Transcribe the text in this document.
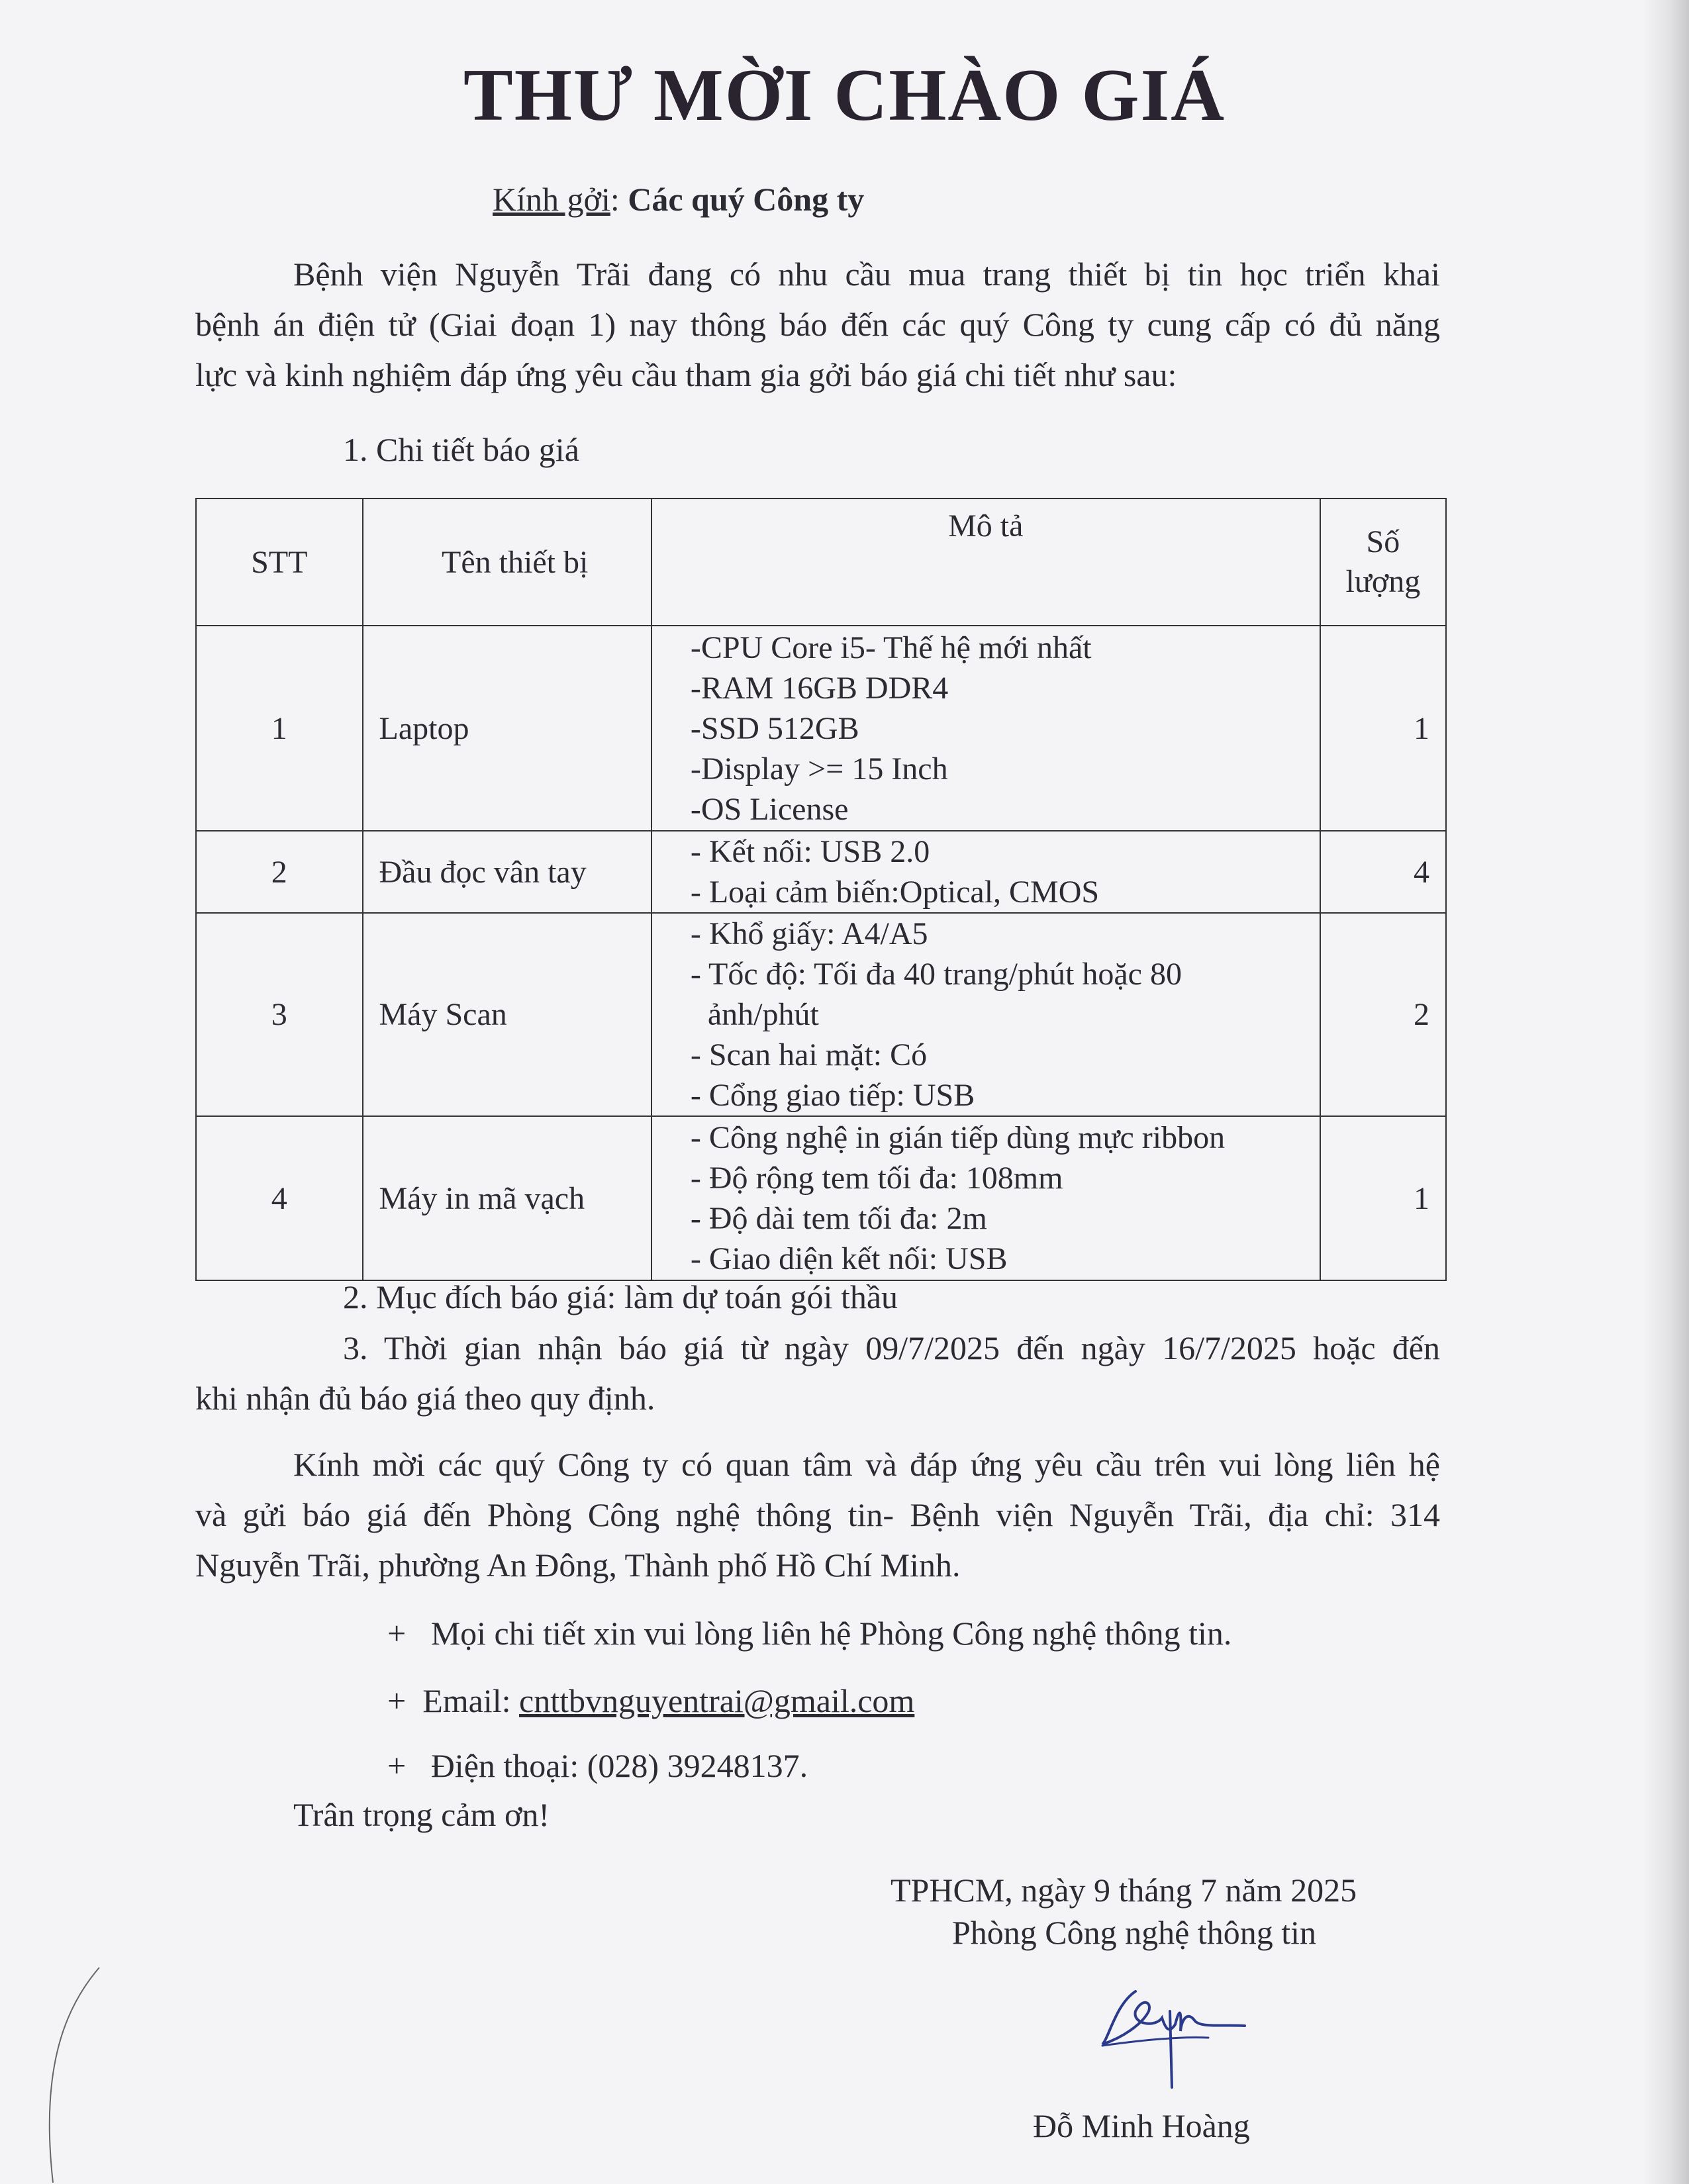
THƯ MỜI CHÀO GIÁ
Kính gởi: Các quý Công ty
Bệnh viện Nguyễn Trãi đang có nhu cầu mua trang thiết bị tin học triển khai
bệnh án điện tử (Giai đoạn 1) nay thông báo đến các quý Công ty cung cấp có đủ năng
lực và kinh nghiệm đáp ứng yêu cầu tham gia gởi báo giá chi tiết như sau:
1. Chi tiết báo giá
STT	Tên thiết bị	Mô tả	Số
lượng

1	Laptop	-CPU Core i5- Thế hệ mới nhất
-RAM 16GB DDR4
-SSD 512GB
-Display >= 15 Inch
-OS License	1
2	Đầu đọc vân tay	- Kết nối: USB 2.0
- Loại cảm biến:Optical, CMOS	4
3	Máy Scan	- Khổ giấy: A4/A5
- Tốc độ: Tối đa 40 trang/phút hoặc 80
ảnh/phút
- Scan hai mặt: Có
- Cổng giao tiếp: USB	2
4	Máy in mã vạch	- Công nghệ in gián tiếp dùng mực ribbon
- Độ rộng tem tối đa: 108mm
- Độ dài tem tối đa: 2m
- Giao diện kết nối: USB	1
2. Mục đích báo giá: làm dự toán gói thầu
3. Thời gian nhận báo giá từ ngày 09/7/2025 đến ngày 16/7/2025 hoặc đến
khi nhận đủ báo giá theo quy định.
Kính mời các quý Công ty có quan tâm và đáp ứng yêu cầu trên vui lòng liên hệ
và gửi báo giá đến Phòng Công nghệ thông tin- Bệnh viện Nguyễn Trãi, địa chỉ: 314
Nguyễn Trãi, phường An Đông, Thành phố Hồ Chí Minh.
+ Mọi chi tiết xin vui lòng liên hệ Phòng Công nghệ thông tin.
+ Email: cnttbvnguyentrai@gmail.com
+ Điện thoại: (028) 39248137.
Trân trọng cảm ơn!
TPHCM, ngày 9 tháng 7 năm 2025
Phòng Công nghệ thông tin
Đỗ Minh Hoàng
